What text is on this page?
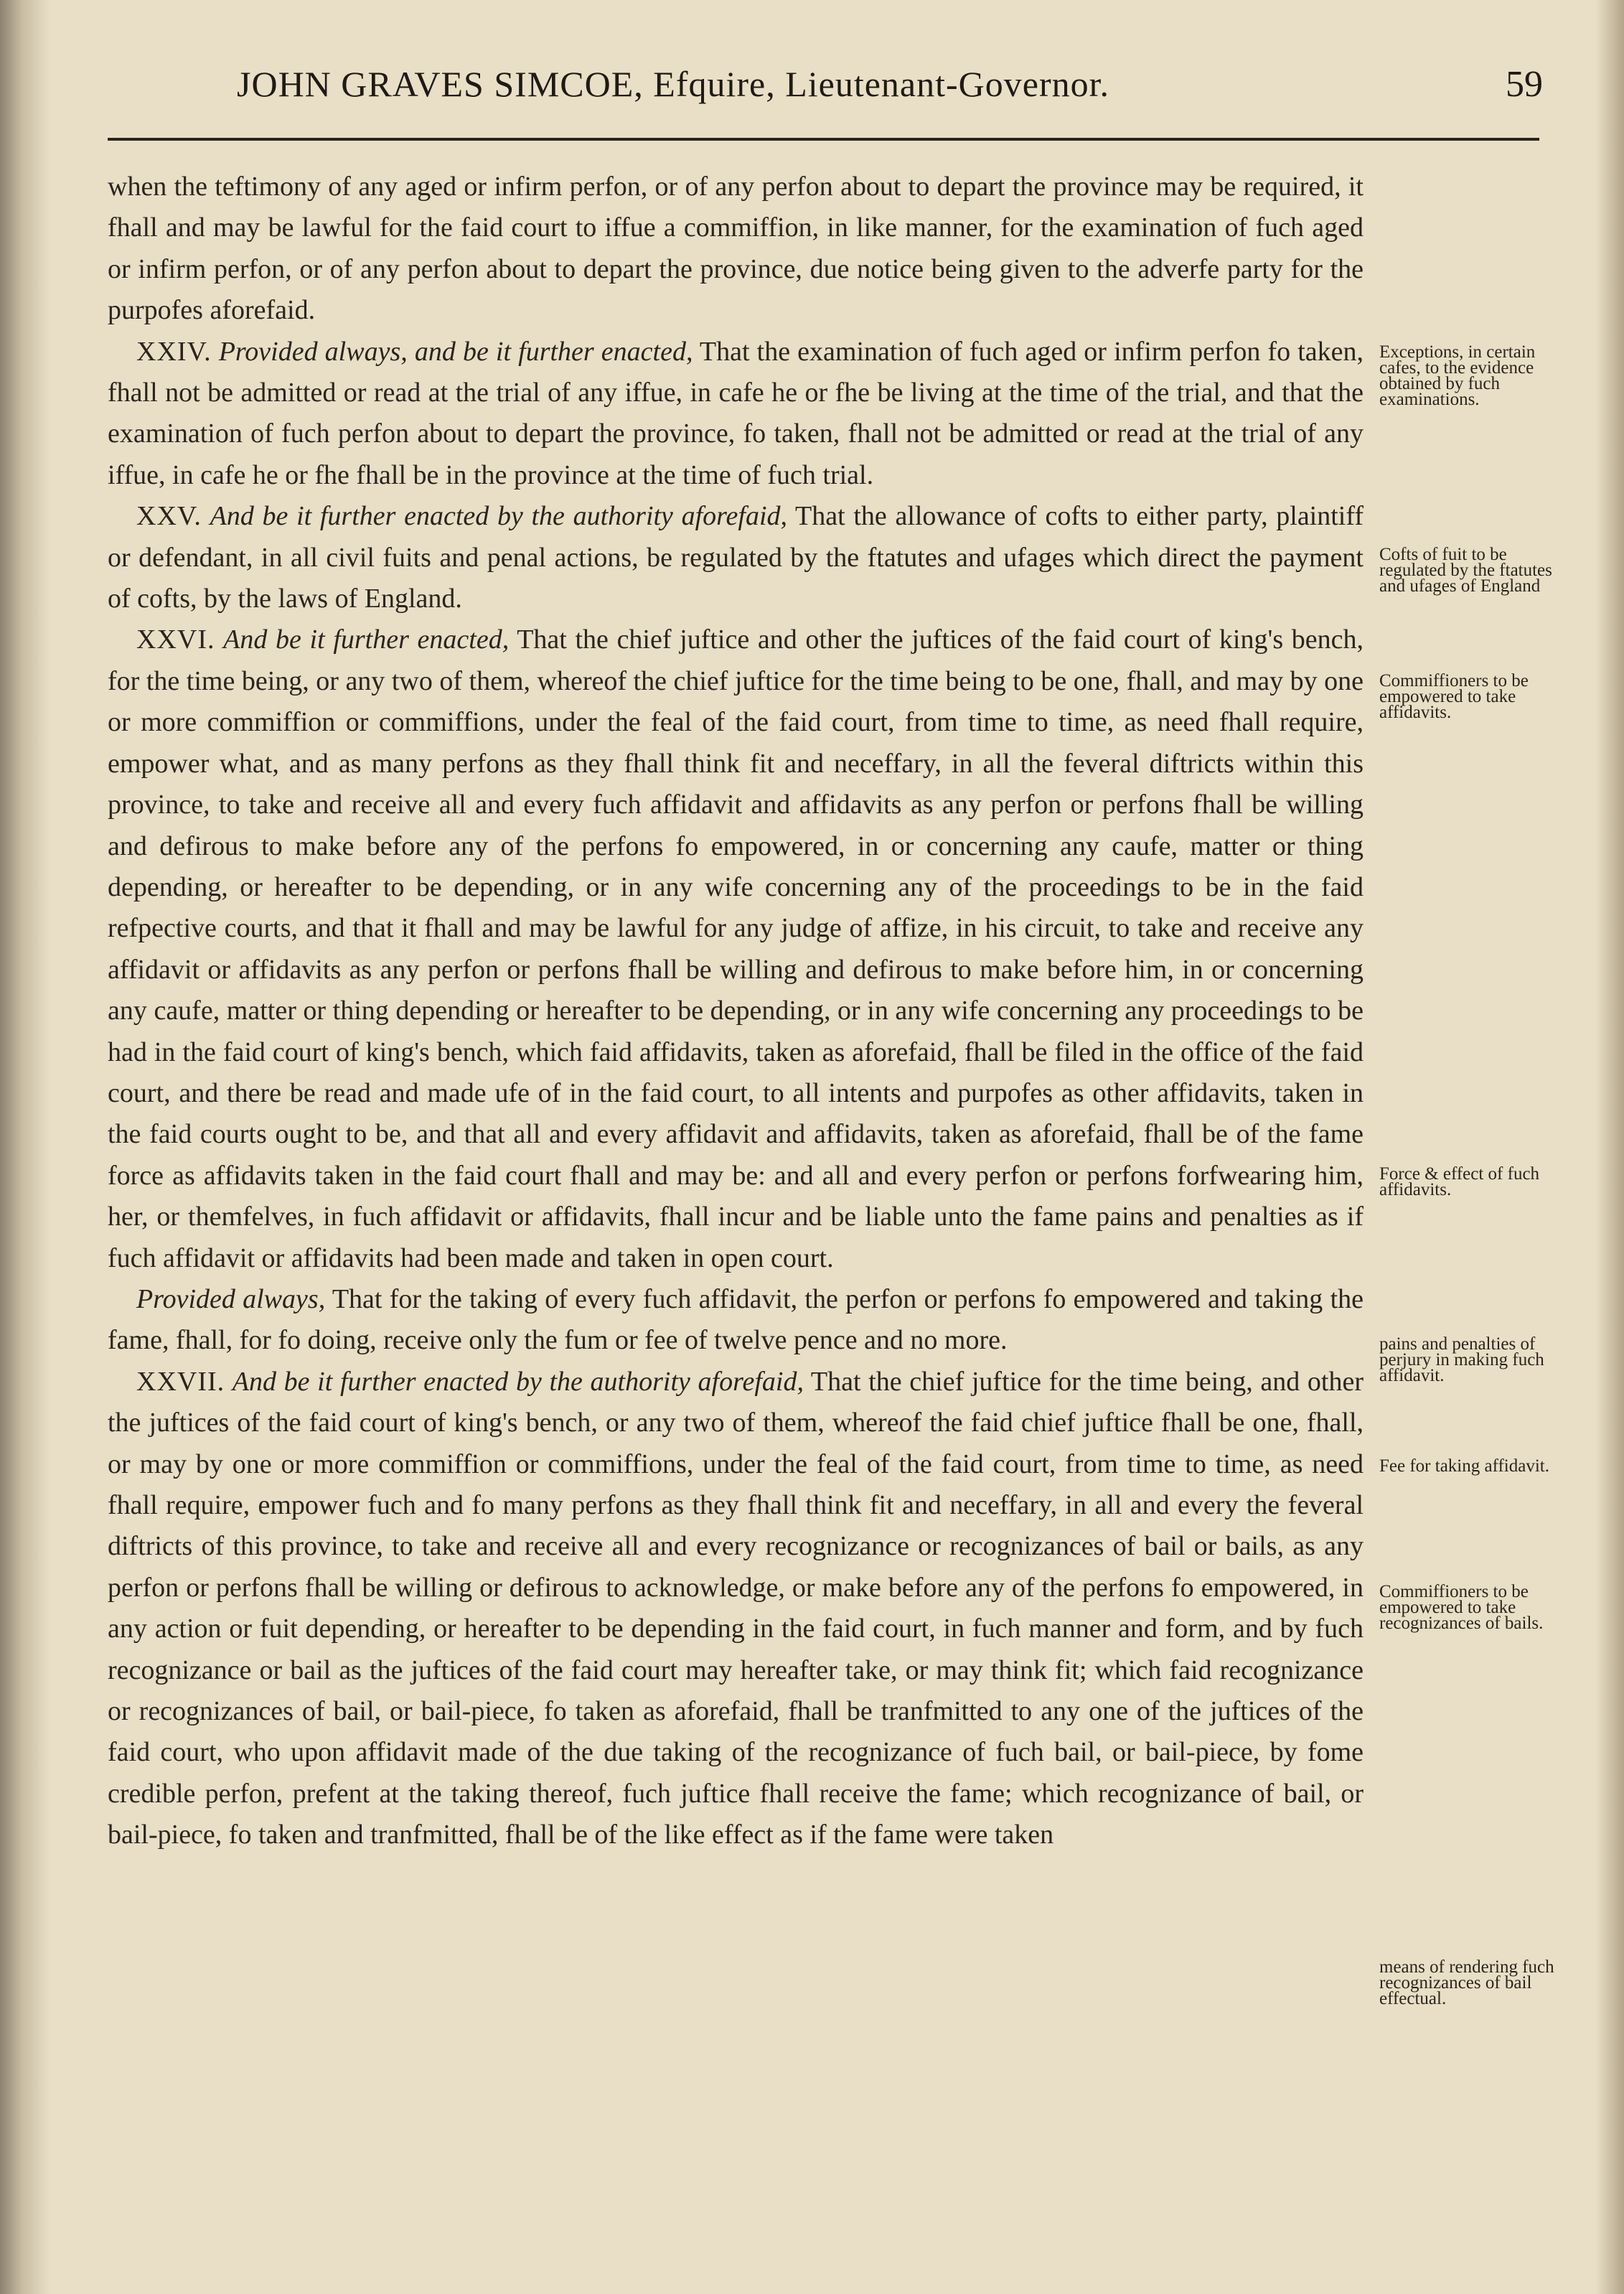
JOHN GRAVES SIMCOE, Efquire, Lieutenant-Governor.	59

when the teftimony of any aged or infirm perfon, or of any perfon about to depart the province may be required, it fhall and may be lawful for the faid court to iffue a commiffion, in like manner, for the examination of fuch aged or infirm perfon, or of any perfon about to depart the province, due notice being given to the adverfe party for the purpofes aforefaid.

XXIV. Provided always, and be it further enacted, That the examination of fuch aged or infirm perfon fo taken, fhall not be admitted or read at the trial of any iffue, in cafe he or fhe be living at the time of the trial, and that the examination of fuch perfon about to depart the province, fo taken, fhall not be admitted or read at the trial of any iffue, in cafe he or fhe fhall be in the province at the time of fuch trial.

XXV. And be it further enacted by the authority aforefaid, That the allowance of cofts to either party, plaintiff or defendant, in all civil fuits and penal actions, be regulated by the ftatutes and ufages which direct the payment of cofts, by the laws of England.

XXVI. And be it further enacted, That the chief juftice and other the juftices of the faid court of king's bench, for the time being, or any two of them, whereof the chief juftice for the time being to be one, fhall, and may by one or more commiffion or commiffions, under the feal of the faid court, from time to time, as need fhall require, empower what, and as many perfons as they fhall think fit and neceffary, in all the feveral diftricts within this province, to take and receive all and every fuch affidavit and affidavits as any perfon or perfons fhall be willing and defirous to make before any of the perfons fo empowered, in or concerning any caufe, matter or thing depending, or hereafter to be depending, or in any wife concerning any of the proceedings to be in the faid refpective courts, and that it fhall and may be lawful for any judge of affize, in his circuit, to take and receive any affidavit or affidavits as any perfon or perfons fhall be willing and defirous to make before him, in or concerning any caufe, matter or thing depending or hereafter to be depending, or in any wife concerning any proceedings to be had in the faid court of king's bench, which faid affidavits, taken as aforefaid, fhall be filed in the office of the faid court, and there be read and made ufe of in the faid court, to all intents and purpofes as other affidavits, taken in the faid courts ought to be, and that all and every affidavit and affidavits, taken as aforefaid, fhall be of the fame force as affidavits taken in the faid court fhall and may be: and all and every perfon or perfons forfwearing him, her, or themfelves, in fuch affidavit or affidavits, fhall incur and be liable unto the fame pains and penalties as if fuch affidavit or affidavits had been made and taken in open court.

Provided always, That for the taking of every fuch affidavit, the perfon or perfons fo empowered and taking the fame, fhall, for fo doing, receive only the fum or fee of twelve pence and no more.

XXVII. And be it further enacted by the authority aforefaid, That the chief juftice for the time being, and other the juftices of the faid court of king's bench, or any two of them, whereof the faid chief juftice fhall be one, fhall, or may by one or more commiffion or commiffions, under the feal of the faid court, from time to time, as need fhall require, empower fuch and fo many perfons as they fhall think fit and neceffary, in all and every the feveral diftricts of this province, to take and receive all and every recognizance or recognizances of bail or bails, as any perfon or perfons fhall be willing or defirous to acknowledge, or make before any of the perfons fo empowered, in any action or fuit depending, or hereafter to be depending in the faid court, in fuch manner and form, and by fuch recognizance or bail as the juftices of the faid court may hereafter take, or may think fit; which faid recognizance or recognizances of bail, or bail-piece, fo taken as aforefaid, fhall be tranfmitted to any one of the juftices of the faid court, who upon affidavit made of the due taking of the recognizance of fuch bail, or bail-piece, by fome credible perfon, prefent at the taking thereof, fuch juftice fhall receive the fame; which recognizance of bail, or bail-piece, fo taken and tranfmitted, fhall be of the like effect as if the fame were taken

Exceptions, in certain cafes, to the evidence obtained by fuch examinations.
Cofts of fuit to be regulated by the ftatutes and ufages of England
Commiffioners to be empowered to take affidavits.
Force & effect of fuch affidavits.
pains and penalties of perjury in making fuch affidavit.
Fee for taking affidavit.
Commiffioners to be empowered to take recognizances of bails.
means of rendering fuch recognizances of bail effectual.
